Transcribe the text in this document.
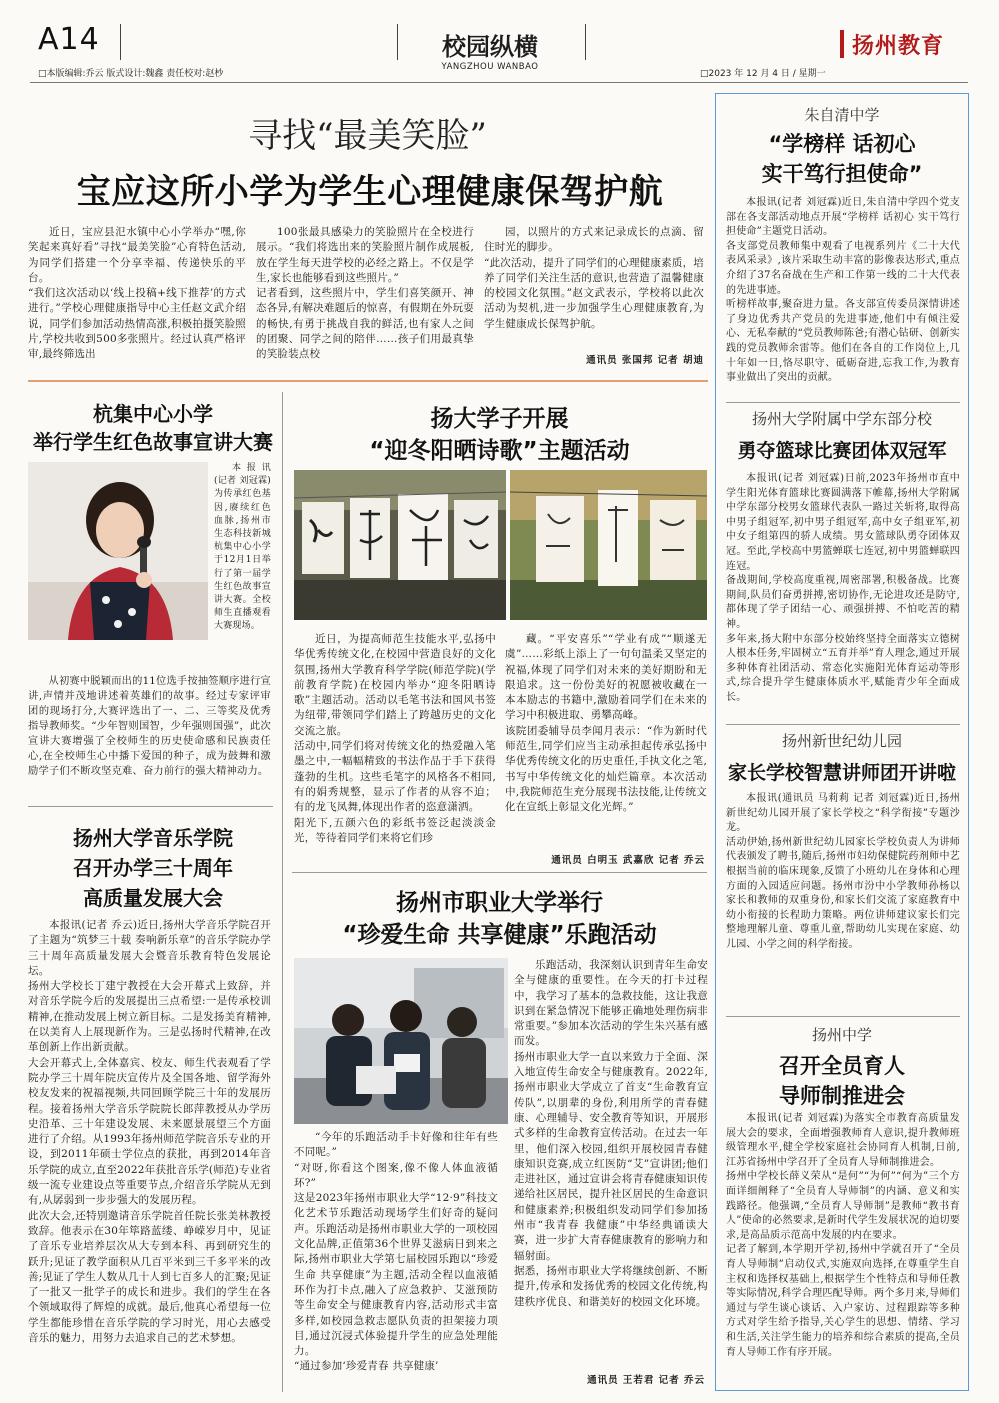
A14
□本版编辑:乔云 版式设计:魏鑫 责任校对:赵杪
校园纵横
YANGZHOU WANBAO
□2023 年 12 月 4 日 / 星期一
扬州教育
寻找“最美笑脸”
宝应这所小学为学生心理健康保驾护航
近日，宝应县氾水镇中心小学举办“嘿,你笑起来真好看”寻找“最美笑脸”心育特色活动,为同学们搭建一个分享幸福、传递快乐的平台。
“我们这次活动以‘线上投稿+线下推荐’的方式进行。”学校心理健康指导中心主任赵文武介绍说，同学们参加活动热情高涨,积极拍摄笑脸照片,学校共收到500多张照片。经过认真严格评审,最终筛选出
100张最具感染力的笑脸照片在全校进行展示。“我们将选出来的笑脸照片制作成展板,放在学生每天进学校的必经之路上。不仅是学生,家长也能够看到这些照片。”
记者看到，这些照片中，学生们喜笑颜开、神态各异,有解决难题后的惊喜，有假期在外玩耍的畅快,有勇于挑战自我的鲜活,也有家人之间的团聚、同学之间的陪伴……孩子们用最真挚的笑脸装点校
园，以照片的方式来记录成长的点滴、留住时光的脚步。
“此次活动，提升了同学们的心理健康素质，培养了同学们关注生活的意识,也营造了温馨健康的校园文化氛围。”赵文武表示，学校将以此次活动为契机,进一步加强学生心理健康教育,为学生健康成长保驾护航。
通讯员 张国邦 记者 胡迪
杭集中心小学
举行学生红色故事宣讲大赛
本报讯(记者 刘冠霖)为传承红色基因,赓续红色血脉,扬州市生态科技新城杭集中心小学于12月1日举行了第一届学生红色故事宣讲大赛。全校师生直播观看大赛现场。
从初赛中脱颖而出的11位选手按抽签顺序进行宣讲,声情并茂地讲述着英雄们的故事。经过专家评审团的现场打分,大赛评选出了一、二、三等奖及优秀指导教师奖。“少年智则国智，少年强则国强”，此次宣讲大赛增强了全校师生的历史使命感和民族责任心,在全校师生心中播下爱国的种子，成为鼓舞和激励学子们不断攻坚克难、奋力前行的强大精神动力。
扬州大学音乐学院
召开办学三十周年
高质量发展大会
本报讯(记者 乔云)近日,扬州大学音乐学院召开了主题为“筑梦三十载 奏响新乐章”的音乐学院办学三十周年高质量发展大会暨音乐教育特色发展论坛。
扬州大学校长丁建宁教授在大会开幕式上致辞，并对音乐学院今后的发展提出三点希望:一是传承校训精神,在推动发展上树立新目标。二是发扬美育精神,在以美育人上展现新作为。三是弘扬时代精神,在改革创新上作出新贡献。
大会开幕式上,全体嘉宾、校友、师生代表观看了学院办学三十周年院庆宣传片及全国各地、留学海外校友发来的祝福视频,共同回顾学院三十年的发展历程。接着扬州大学音乐学院院长郎萍教授从办学历史沿革、三十年建设发展、未来愿景展望三个方面进行了介绍。从1993年扬州师范学院音乐专业的开设，到2011年硕士学位点的获批，再到2014年音乐学院的成立,直至2022年获批音乐学(师范)专业省级一流专业建设点等重要节点,介绍音乐学院从无到有,从孱弱到一步步强大的发展历程。
此次大会,还特别邀请音乐学院首任院长张美林教授致辞。他表示在30年筚路蓝缕、峥嵘岁月中，见证了音乐专业培养层次从大专到本科、再到研究生的跃升;见证了教学面积从几百平米到三千多平米的改善;见证了学生人数从几十人到七百多人的汇聚;见证了一批又一批学子的成长和进步。我们的学生在各个领域取得了辉煌的成就。最后,他真心希望每一位学生都能珍惜在音乐学院的学习时光，用心去感受音乐的魅力，用努力去追求自己的艺术梦想。
扬大学子开展
“迎冬阳晒诗歌”主题活动
近日，为提高师范生技能水平,弘扬中华优秀传统文化,在校园中营造良好的文化氛围,扬州大学教育科学学院(师范学院)(学前教育学院)在校园内举办“迎冬阳晒诗歌”主题活动。活动以毛笔书法和国风书签为纽带,带领同学们踏上了跨越历史的文化交流之旅。
活动中,同学们将对传统文化的热爱融入笔墨之中,一幅幅精致的书法作品于手下获得蓬勃的生机。这些毛笔字的风格各不相同,有的娟秀规整，显示了作者的从容不迫；有的龙飞凤舞,体现出作者的恣意潇洒。
阳光下,五颜六色的彩纸书签泛起淡淡金光，等待着同学们来将它们珍
藏。“平安喜乐”“学业有成”“顺遂无虞”……彩纸上添上了一句句温柔又坚定的祝福,体现了同学们对未来的美好期盼和无限追求。这一份份美好的祝愿被收藏在一本本励志的书籍中,激励着同学们在未来的学习中积极进取、勇攀高峰。
该院团委辅导员李闻月表示：“作为新时代师范生,同学们应当主动承担起传承弘扬中华优秀传统文化的历史重任,手执文化之笔,书写中华传统文化的灿烂篇章。本次活动中,我院师范生充分展现书法技能,让传统文化在宣纸上彰显文化光辉。”
通讯员 白明玉 武嘉欣 记者 乔云
扬州市职业大学举行
“珍爱生命 共享健康”乐跑活动
“今年的乐跑活动手卡好像和往年有些不同呢。”
“对呀,你看这个图案,像不像人体血液循环?”
这是2023年扬州市职业大学“12·9”科技文化艺术节乐跑活动现场学生们好奇的疑问声。乐跑活动是扬州市职业大学的一项校园文化品牌,正值第36个世界艾滋病日到来之际,扬州市职业大学第七届校园乐跑以“珍爱生命 共享健康”为主题,活动全程以血液循环作为打卡点,融入了应急救护、艾滋预防等生命安全与健康教育内容,活动形式丰富多样,如校园急救志愿队负责的担架接力项目,通过沉浸式体验提升学生的应急处理能力。
“通过参加‘珍爱青春 共享健康’
乐跑活动，我深刻认识到青年生命安全与健康的重要性。在今天的打卡过程中，我学习了基本的急救技能，这让我意识到在紧急情况下能够正确地处理伤病非常重要。”参加本次活动的学生朱兴基有感而发。
扬州市职业大学一直以来致力于全面、深入地宣传生命安全与健康教育。2022年,扬州市职业大学成立了首支“生命教育宣传队”,以朋辈的身份,利用所学的青春健康、心理辅导、安全教育等知识，开展形式多样的生命教育宣传活动。在过去一年里，他们深入校园,组织开展校园青春健康知识竞赛,成立红医防“艾”宣讲团;他们走进社区，通过宣讲会将青春健康知识传递给社区居民，提升社区居民的生命意识和健康素养;积极组织发动同学们参加扬州市“我青春 我健康”中华经典诵读大赛，进一步扩大青春健康教育的影响力和辐射面。
据悉，扬州市职业大学将继续创新、不断提升,传承和发扬优秀的校园文化传统,构建秩序优良、和谐美好的校园文化环境。
通讯员 王若君 记者 乔云
朱自清中学
“学榜样 话初心
实干笃行担使命”
本报讯(记者 刘冠霖)近日,朱自清中学四个党支部在各支部活动地点开展“学榜样 话初心 实干笃行担使命”主题党日活动。
各支部党员教师集中观看了电视系列片《二十大代表风采录》,该片采取生动丰富的影像表达形式,重点介绍了37名奋战在生产和工作第一线的二十大代表的先进事迹。
听榜样故事,聚奋进力量。各支部宣传委员深情讲述了身边优秀共产党员的先进事迹,他们中有倾注爱心、无私奉献的“党员教师陈爸;有潜心钻研、创新实践的党员教师余雷等。他们在各自的工作岗位上,几十年如一日,恪尽职守、砥砺奋进,忘我工作,为教育事业做出了突出的贡献。
扬州大学附属中学东部分校
勇夺篮球比赛团体双冠军
本报讯(记者 刘冠霖)日前,2023年扬州市直中学生阳光体育篮球比赛圆满落下帷幕,扬州大学附属中学东部分校男女篮球代表队一路过关斩将,取得高中男子组冠军,初中男子组冠军,高中女子组亚军,初中女子组第四的骄人成绩。男女篮球队勇夺团体双冠。至此,学校高中男篮蝉联七连冠,初中男篮蝉联四连冠。
备战期间,学校高度重视,周密部署,积极备战。比赛期间,队员们奋勇拼搏,密切协作,无论进攻还是防守,都体现了学子团结一心、顽强拼搏、不怕吃苦的精神。
多年来,扬大附中东部分校始终坚持全面落实立德树人根本任务,牢固树立“五育并举”育人理念,通过开展多种体育社团活动、常态化实施阳光体育运动等形式,综合提升学生健康体质水平,赋能青少年全面成长。
扬州新世纪幼儿园
家长学校智慧讲师团开讲啦
本报讯(通讯员 马莉莉 记者 刘冠霖)近日,扬州新世纪幼儿园开展了家长学校之“科学衔接”专题沙龙。
活动伊始,扬州新世纪幼儿园家长学校负责人为讲师代表颁发了聘书,随后,扬州市妇幼保健院药剂师中艺根据当前的临床现象,反馈了小班幼儿在身体和心理方面的入园适应问题。扬州市汾中小学教师孙杨以家长和教师的双重身份,和家长们交流了家庭教育中幼小衔接的长程助力策略。两位讲师建议家长们完整地理解儿童、尊重儿童,帮助幼儿实现在家庭、幼儿园、小学之间的科学衔接。
扬州中学
召开全员育人
导师制推进会
本报讯(记者 刘冠霖)为落实全市教育高质量发展大会的要求，全面增强教师育人意识,提升教师班级管理水平,健全学校家庭社会协同育人机制,日前,江苏省扬州中学召开了全员育人导师制推进会。
扬州中学校长薛义荣从“是何”“为何”“何为”三个方面详细阐释了“全员育人导师制”的内涵、意义和实践路径。他强调,“全员育人导师制”是教师“教书育人”使命的必然要求,是新时代学生发展状况的迫切要求,是高品质示范高中发展的内在要求。
记者了解到,本学期开学初,扬州中学就召开了“全员育人导师制”启动仪式,实施双向选择,在尊重学生自主权和选择权基础上,根据学生个性特点和导师任教等实际情况,科学合理匹配导师。两个多月来,导师们通过与学生谈心谈话、入户家访、过程跟踪等多种方式对学生给予指导,关心学生的思想、情绪、学习和生活,关注学生能力的培养和综合素质的提高,全员育人导师工作有序开展。
